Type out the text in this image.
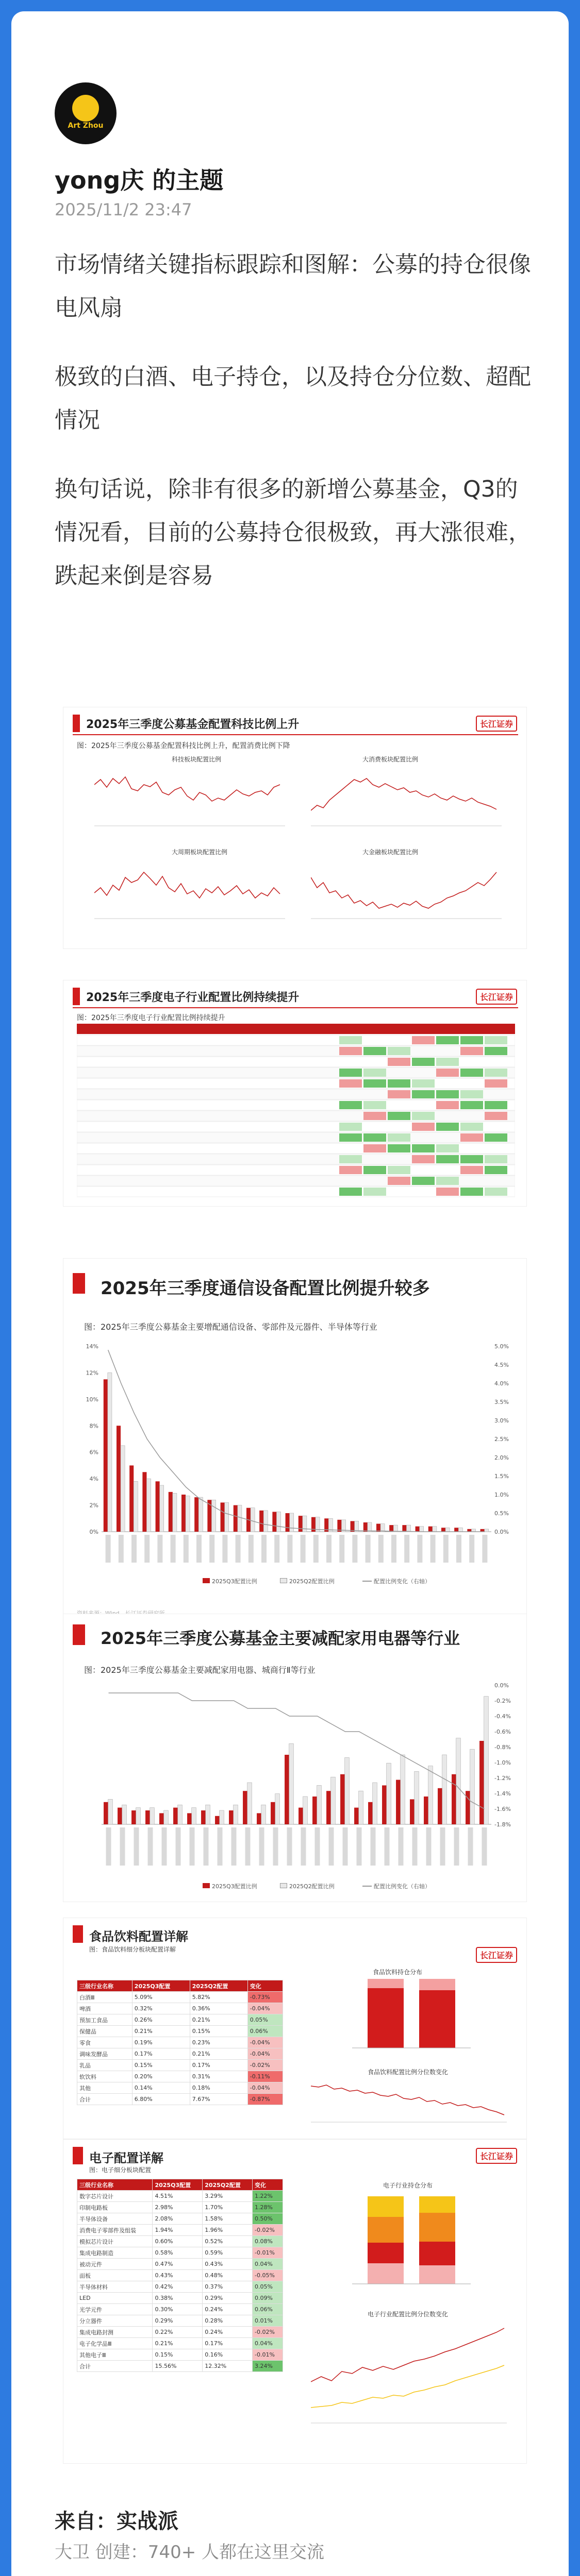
Art Zhou
yong庆 的主题
2025/11/2 23:47
市场情绪关键指标跟踪和图解：公募的持仓很像电风扇
极致的白酒、电子持仓，以及持仓分位数、超配情况
换句话说，除非有很多的新增公募基金，Q3的情况看，目前的公募持仓很极致，再大涨很难，跌起来倒是容易
2025年三季度公募基金配置科技比例上升	长江证券
图：2025年三季度公募基金配置科技比例上升，配置消费比例下降
科技板块配置比例	大消费板块配置比例
大周期板块配置比例	大金融板块配置比例
2025年三季度电子行业配置比例持续提升	长江证券
图：2025年三季度电子行业配置比例持续提升
2025年三季度通信设备配置比例提升较多
图：2025年三季度公募基金主要增配通信设备、零部件及元器件、半导体等行业
14%
12%
10%
8%
6%
4%
2%
0%
5.0%
4.5%
4.0%
3.5%
3.0%
2.5%
2.0%
1.5%
1.0%
0.5%
0.0%
2025Q3配置比例	2025Q2配置比例	配置比例变化（右轴）
2025年三季度公募基金主要减配家用电器等行业
图：2025年三季度公募基金主要减配家用电器、城商行Ⅱ等行业
0.0%
-0.2%
-0.4%
-0.6%
-0.8%
-1.0%
-1.2%
-1.4%
-1.6%
-1.8%
2025Q3配置比例	2025Q2配置比例	配置比例变化（右轴）
食品饮料配置详解
长江证券
图：食品饮料细分板块配置详解
三级行业名称	2025Q3配置	2025Q2配置	变化
白酒Ⅲ	5.09%	5.82%	-0.73%
啤酒	0.32%	0.36%	-0.04%
预加工食品	0.26%	0.21%	0.05%
保健品	0.21%	0.15%	0.06%
零食	0.19%	0.23%	-0.04%
调味发酵品	0.17%	0.21%	-0.04%
乳品	0.15%	0.17%	-0.02%
软饮料	0.20%	0.31%	-0.11%
其他	0.14%	0.18%	-0.04%
合计	6.80%	7.67%	-0.87%
食品饮料持仓分布
食品饮料配置比例分位数变化
电子配置详解	长江证券
图：电子细分板块配置
三级行业名称	2025Q3配置	2025Q2配置	变化
数字芯片设计	4.51%	3.29%	1.22%
印制电路板	2.98%	1.70%	1.28%
半导体设备	2.08%	1.58%	0.50%
消费电子零部件及组装	1.94%	1.96%	-0.02%
模拟芯片设计	0.60%	0.52%	0.08%
集成电路制造	0.58%	0.59%	-0.01%
被动元件	0.47%	0.43%	0.04%
面板	0.43%	0.48%	-0.05%
半导体材料	0.42%	0.37%	0.05%
LED	0.38%	0.29%	0.09%
光学元件	0.30%	0.24%	0.06%
分立器件	0.29%	0.28%	0.01%
集成电路封测	0.22%	0.24%	-0.02%
电子化学品Ⅲ	0.21%	0.17%	0.04%
其他电子Ⅲ	0.15%	0.16%	-0.01%
合计	15.56%	12.32%	3.24%
电子行业持仓分布
电子行业配置比例分位数变化
来自：实战派
大卫 创建：740+ 人都在这里交流
